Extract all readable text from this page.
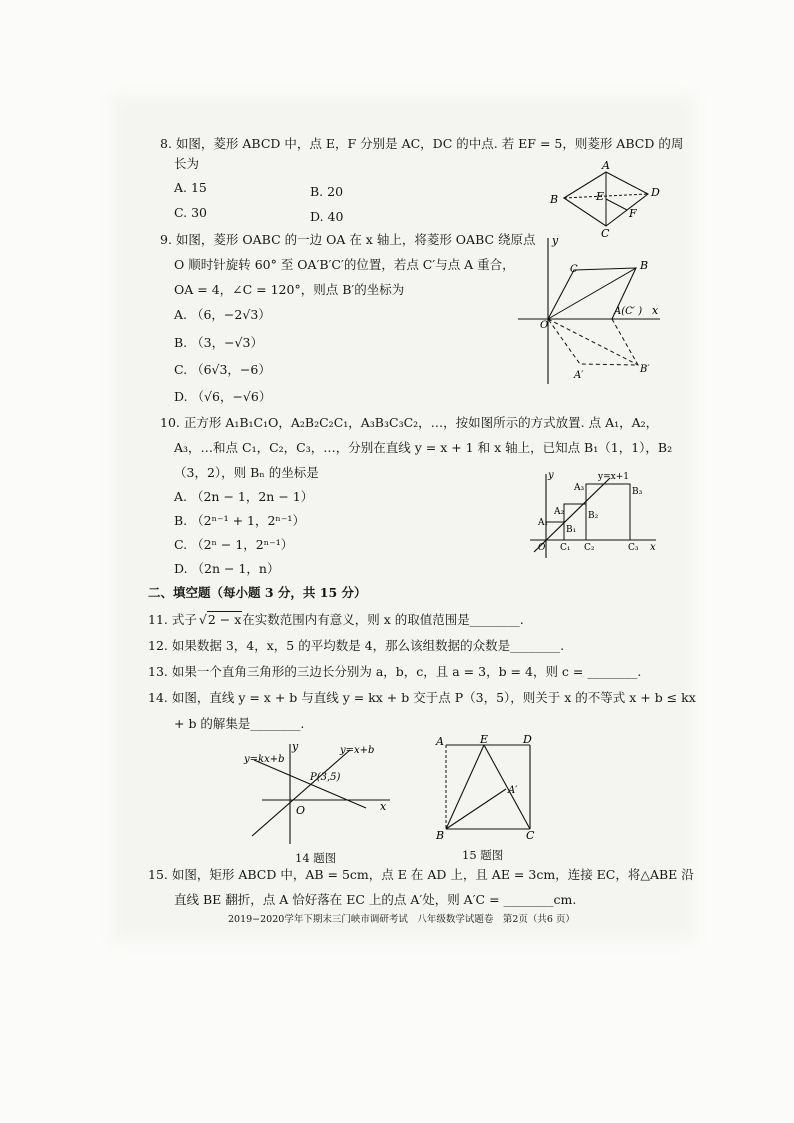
8. 如图，菱形 ABCD 中，点 E，F 分别是 AC，DC 的中点. 若 EF = 5，则菱形 ABCD 的周
长为
A. 15	B. 20
C. 30	D. 40
A
B
C
D
E
F
9. 如图，菱形 OABC 的一边 OA 在 x 轴上，将菱形 OABC 绕原点
O 顺时针旋转 60° 至 OA′B′C′的位置，若点 C′与点 A 重合，
OA = 4，∠C = 120°，则点 B′的坐标为
A. （6，−2√3）
B. （3，−√3）
C. （6√3，−6）
D. （√6，−√6）
y
x
O
C	B
A(C′ )
A′
B′
10. 正方形 A₁B₁C₁O，A₂B₂C₂C₁，A₃B₃C₃C₂，…，按如图所示的方式放置. 点 A₁，A₂，
A₃，…和点 C₁，C₂，C₃，…，分别在直线 y = x + 1 和 x 轴上，已知点 B₁（1，1），B₂
（3，2），则 Bₙ 的坐标是
A. （2n − 1，2n − 1）
B. （2ⁿ⁻¹ + 1，2ⁿ⁻¹）
C. （2ⁿ − 1，2ⁿ⁻¹）
D. （2n − 1，n）
y
x
O
y=x+1
A₁
A₂
A₃
B₁
B₂
B₃
C₁ C₂	C₃
二、填空题（每小题 3 分，共 15 分）
11. 式子 √2 − x在实数范围内有意义，则 x 的取值范围是________.
12. 如果数据 3，4，x，5 的平均数是 4，那么该组数据的众数是________.
13. 如果一个直角三角形的三边长分别为 a，b，c，且 a = 3，b = 4，则 c = ________.
14. 如图，直线 y = x + b 与直线 y = kx + b 交于点 P（3，5），则关于 x 的不等式 x + b ≤ kx
+ b 的解集是________.
y
x
O
y=kx+b
y=x+b
P(3,5)
14 题图
A	E	D
A′
B	C
15 题图
15. 如图，矩形 ABCD 中，AB = 5cm，点 E 在 AD 上，且 AE = 3cm，连接 EC，将△ABE 沿
直线 BE 翻折，点 A 恰好落在 EC 上的点 A′处，则 A′C = ________cm.
2019−2020学年下期末三门峡市调研考试　八年级数学试题卷　第2页（共6 页）
